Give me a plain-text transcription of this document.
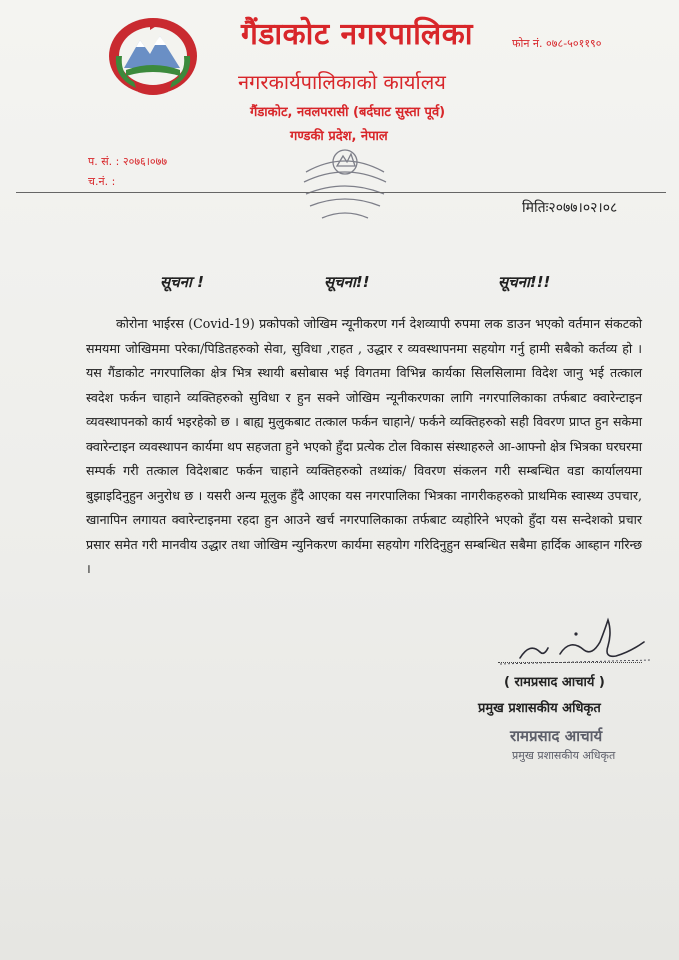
गैंडाकोट नगरपालिका	फोन नं. ०७८-५०११९०
नगरकार्यपालिकाको कार्यालय
गैंडाकोट, नवलपरासी (बर्दघाट सुस्ता पूर्व)
गण्डकी प्रदेश, नेपाल
प. सं. : २०७६।०७७
च.नं. :
मितिः२०७७।०२।०८
सूचना !	सूचना!!	सूचना!!!
कोरोना भाईरस (Covid-19) प्रकोपको जोखिम न्यूनीकरण गर्न देशव्यापी रुपमा लक डाउन भएको वर्तमान संकटको समयमा जोखिममा परेका/पिडितहरुको सेवा, सुविधा ,राहत , उद्धार र व्यवस्थापनमा सहयोग गर्नु हामी सबैको कर्तव्य हो । यस गैंडाकोट नगरपालिका क्षेत्र भित्र स्थायी बसोबास भई विगतमा विभिन्न कार्यका सिलसिलामा विदेश जानु भई तत्काल स्वदेश फर्कन चाहाने व्यक्तिहरुको सुविधा र हुन सक्ने जोखिम न्यूनीकरणका लागि नगरपालिकाका तर्फबाट क्वारेन्टाइन व्यवस्थापनको कार्य भइरहेको छ । बाह्य मुलुकबाट तत्काल फर्कन चाहाने/ फर्कने व्यक्तिहरुको सही विवरण प्राप्त हुन सकेमा क्वारेन्टाइन व्यवस्थापन कार्यमा थप सहजता हुने भएको हुँदा प्रत्येक टोल विकास संस्थाहरुले आ-आफ्नो क्षेत्र भित्रका घरघरमा सम्पर्क गरी तत्काल विदेशबाट फर्कन चाहाने व्यक्तिहरुको तथ्यांक/ विवरण संकलन गरी सम्बन्धित वडा कार्यालयमा बुझाइदिनुहुन अनुरोध छ । यसरी अन्य मूलुक हुँदै आएका यस नगरपालिका भित्रका नागरीकहरुको प्राथमिक स्वास्थ्य उपचार, खानापिन लगायत क्वारेन्टाइनमा रहदा हुन आउने खर्च नगरपालिकाका तर्फबाट व्यहोरिने भएको हुँदा यस सन्देशको प्रचार प्रसार समेत गरी मानवीय उद्धार तथा जोखिम न्युनिकरण कार्यमा सहयोग गरिदिनुहुन सम्बन्धित सबैमा हार्दिक आब्हान गरिन्छ ।
( रामप्रसाद आचार्य )
प्रमुख प्रशासकीय अधिकृत
रामप्रसाद आचार्य
प्रमुख प्रशासकीय अधिकृत
